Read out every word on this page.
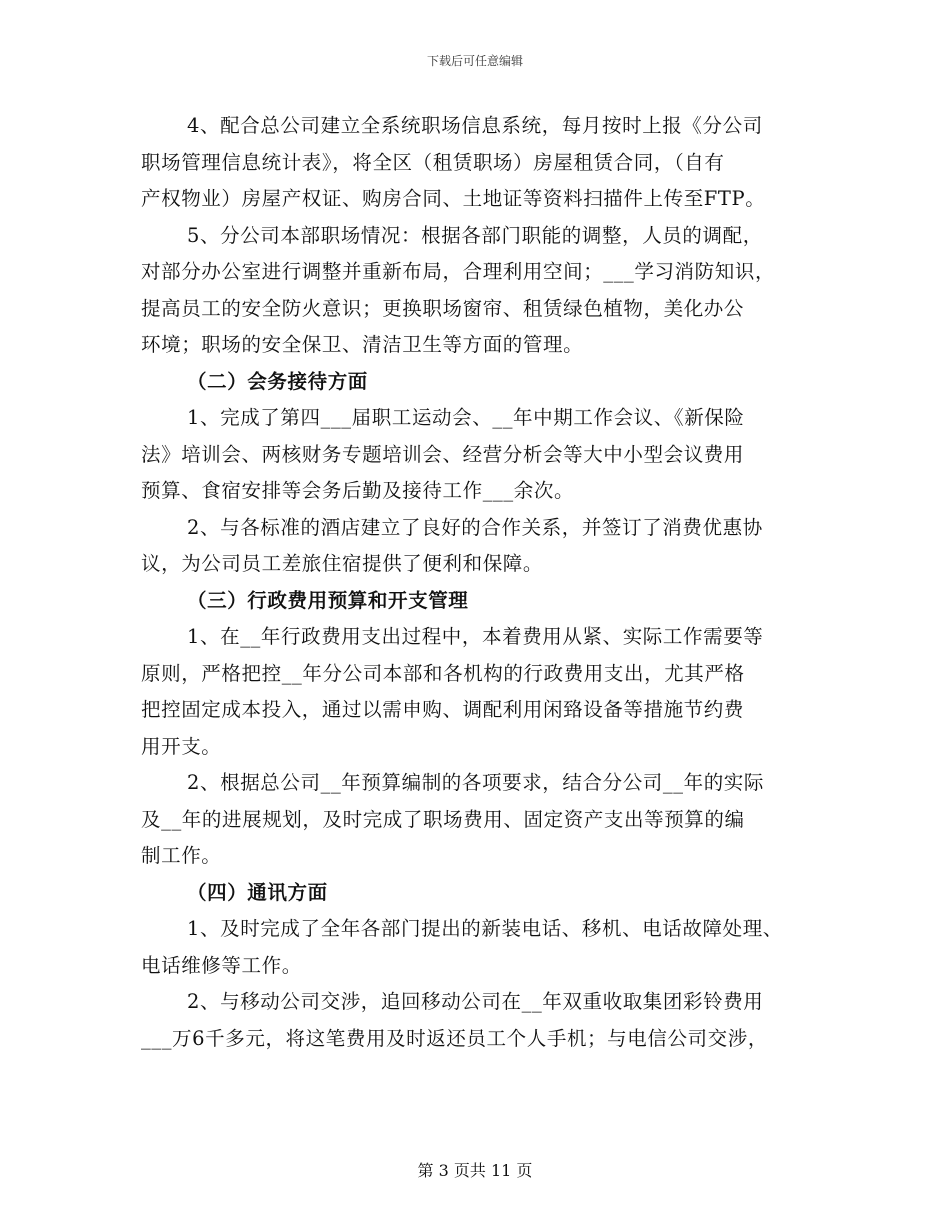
下载后可任意编辑
4、配合总公司建立全系统职场信息系统，每月按时上报《分公司
职场管理信息统计表》，将全区（租赁职场）房屋租赁合同，（自有
产权物业）房屋产权证、购房合同、土地证等资料扫描件上传至FTP。
5、分公司本部职场情况：根据各部门职能的调整，人员的调配，
对部分办公室进行调整并重新布局，合理利用空间；___学习消防知识，
提高员工的安全防火意识；更换职场窗帘、租赁绿色植物，美化办公
环境；职场的安全保卫、清洁卫生等方面的管理。
（二）会务接待方面
1、完成了第四___届职工运动会、__年中期工作会议、《新保险
法》培训会、两核财务专题培训会、经营分析会等大中小型会议费用
预算、食宿安排等会务后勤及接待工作___余次。
2、与各标准的酒店建立了良好的合作关系，并签订了消费优惠协
议，为公司员工差旅住宿提供了便利和保障。
（三）行政费用预算和开支管理
1、在__年行政费用支出过程中，本着费用从紧、实际工作需要等
原则，严格把控__年分公司本部和各机构的行政费用支出，尤其严格
把控固定成本投入，通过以需申购、调配利用闲臵设备等措施节约费
用开支。
2、根据总公司__年预算编制的各项要求，结合分公司__年的实际
及__年的进展规划，及时完成了职场费用、固定资产支出等预算的编
制工作。
（四）通讯方面
1、及时完成了全年各部门提出的新装电话、移机、电话故障处理、
电话维修等工作。
2、与移动公司交涉，追回移动公司在__年双重收取集团彩铃费用
___万6千多元，将这笔费用及时返还员工个人手机；与电信公司交涉，
第 3 页共 11 页
